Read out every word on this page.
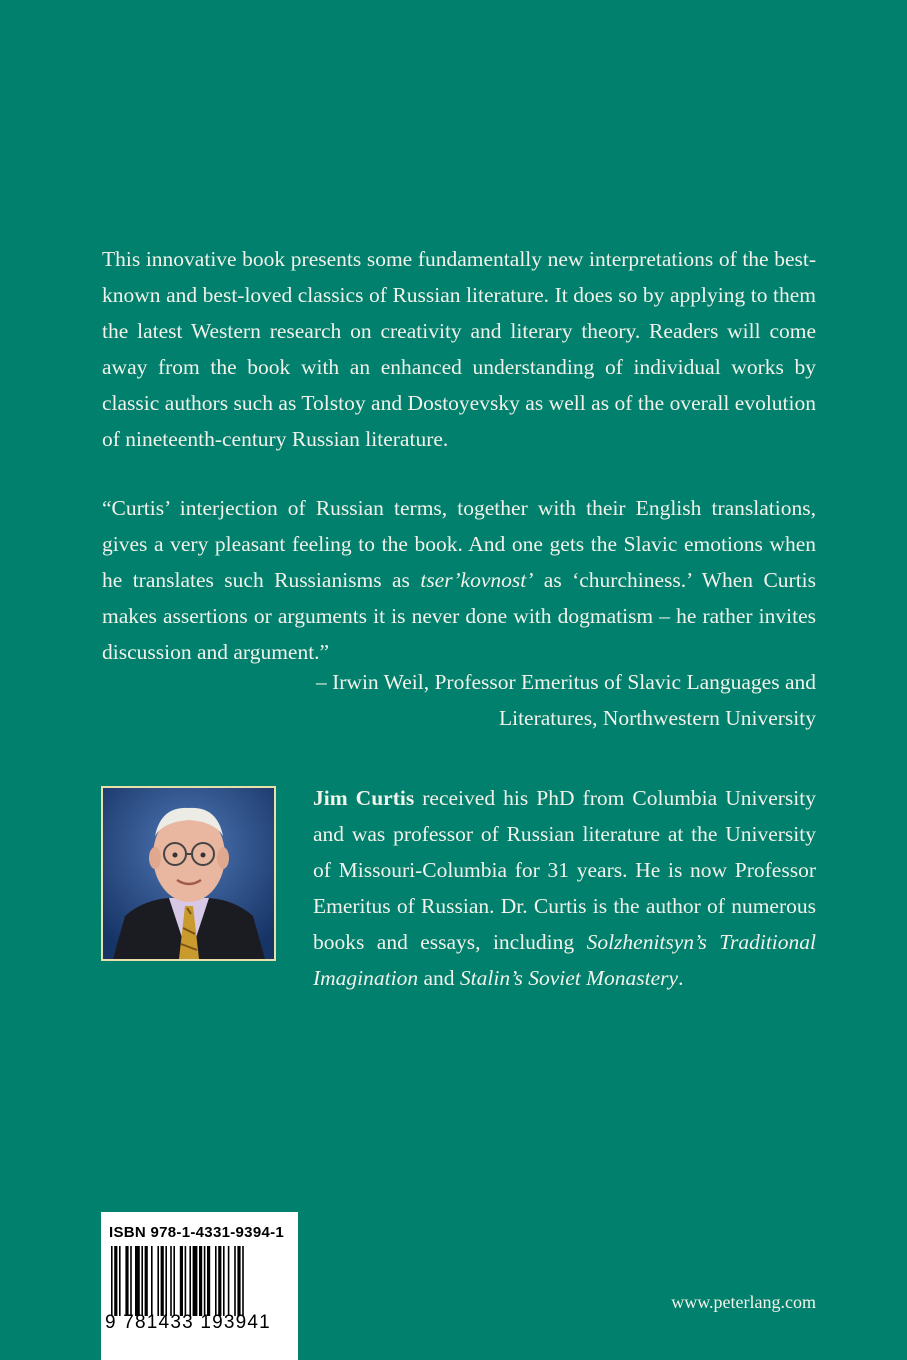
This innovative book presents some fundamentally new interpretations of the best-known and best-loved classics of Russian literature. It does so by applying to them the latest Western research on creativity and literary theory. Readers will come away from the book with an enhanced understanding of individual works by classic authors such as Tolstoy and Dostoyevsky as well as of the overall evolution of nineteenth-century Russian literature.
“Curtis’ interjection of Russian terms, together with their English translations, gives a very pleasant feeling to the book. And one gets the Slavic emotions when he translates such Russianisms as tser’kovnost’ as ‘churchiness.’ When Curtis makes assertions or arguments it is never done with dogmatism – he rather invites discussion and argument.”
– Irwin Weil, Professor Emeritus of Slavic Languages and
Literatures, Northwestern University
Jim Curtis received his PhD from Columbia University and was professor of Russian literature at the University of Missouri-Columbia for 31 years. He is now Professor Emeritus of Russian. Dr. Curtis is the author of numerous books and essays, including Solzhenitsyn’s Traditional Imagination and Stalin’s Soviet Monastery.
ISBN 978-1-4331-9394-1
9 781433 193941
www.peterlang.com
